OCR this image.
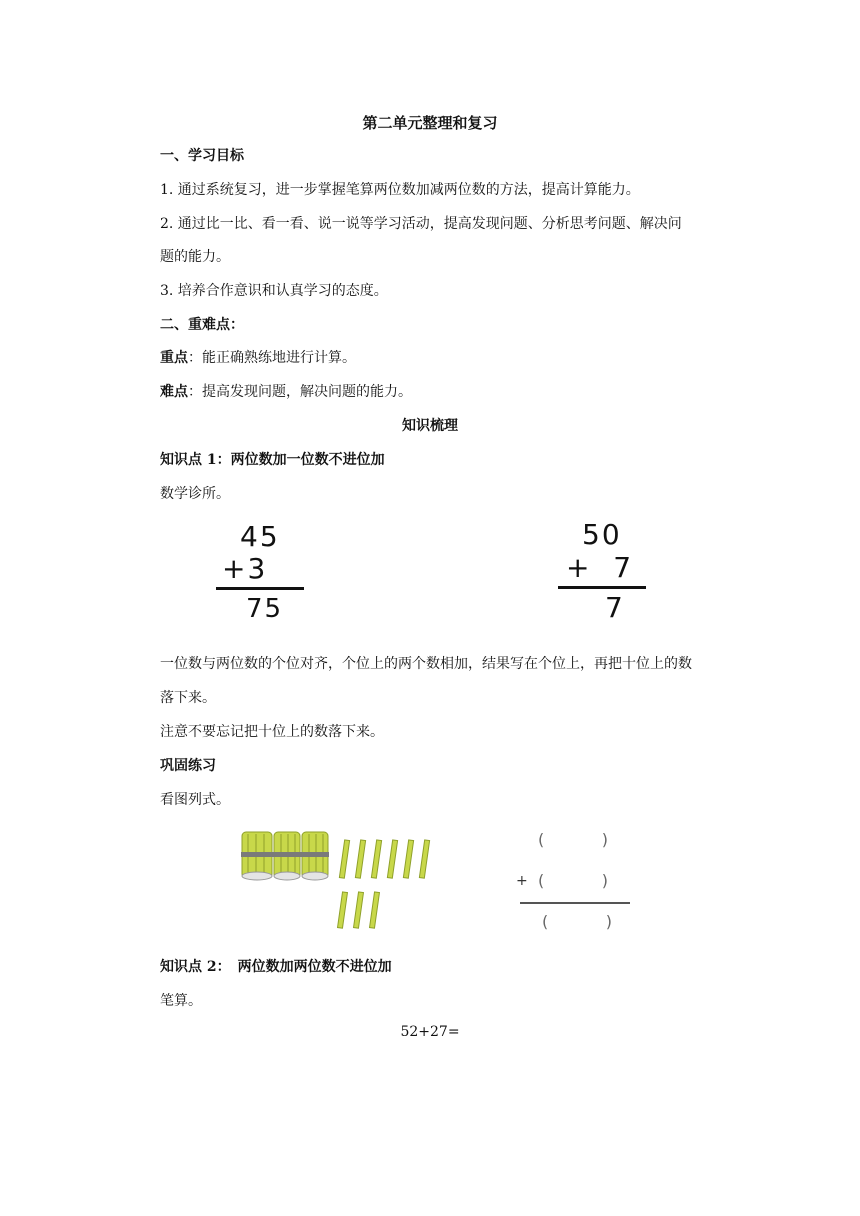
第二单元整理和复习
一、学习目标
1. 通过系统复习，进一步掌握笔算两位数加减两位数的方法，提高计算能力。
2. 通过比一比、看一看、说一说等学习活动，提高发现问题、分析思考问题、解决问
题的能力。
3. 培养合作意识和认真学习的态度。
二、重难点：
重点：能正确熟练地进行计算。
难点：提高发现问题，解决问题的能力。
知识梳理
知识点 1：两位数加一位数不进位加
数学诊所。
45
+3
75
50
+  7
7
一位数与两位数的个位对齐，个位上的两个数相加，结果写在个位上，再把十位上的数
落下来。
注意不要忘记把十位上的数落下来。
巩固练习
看图列式。
(	)
+ (	)
(	)
知识点 2：　两位数加两位数不进位加
笔算。
52+27=
